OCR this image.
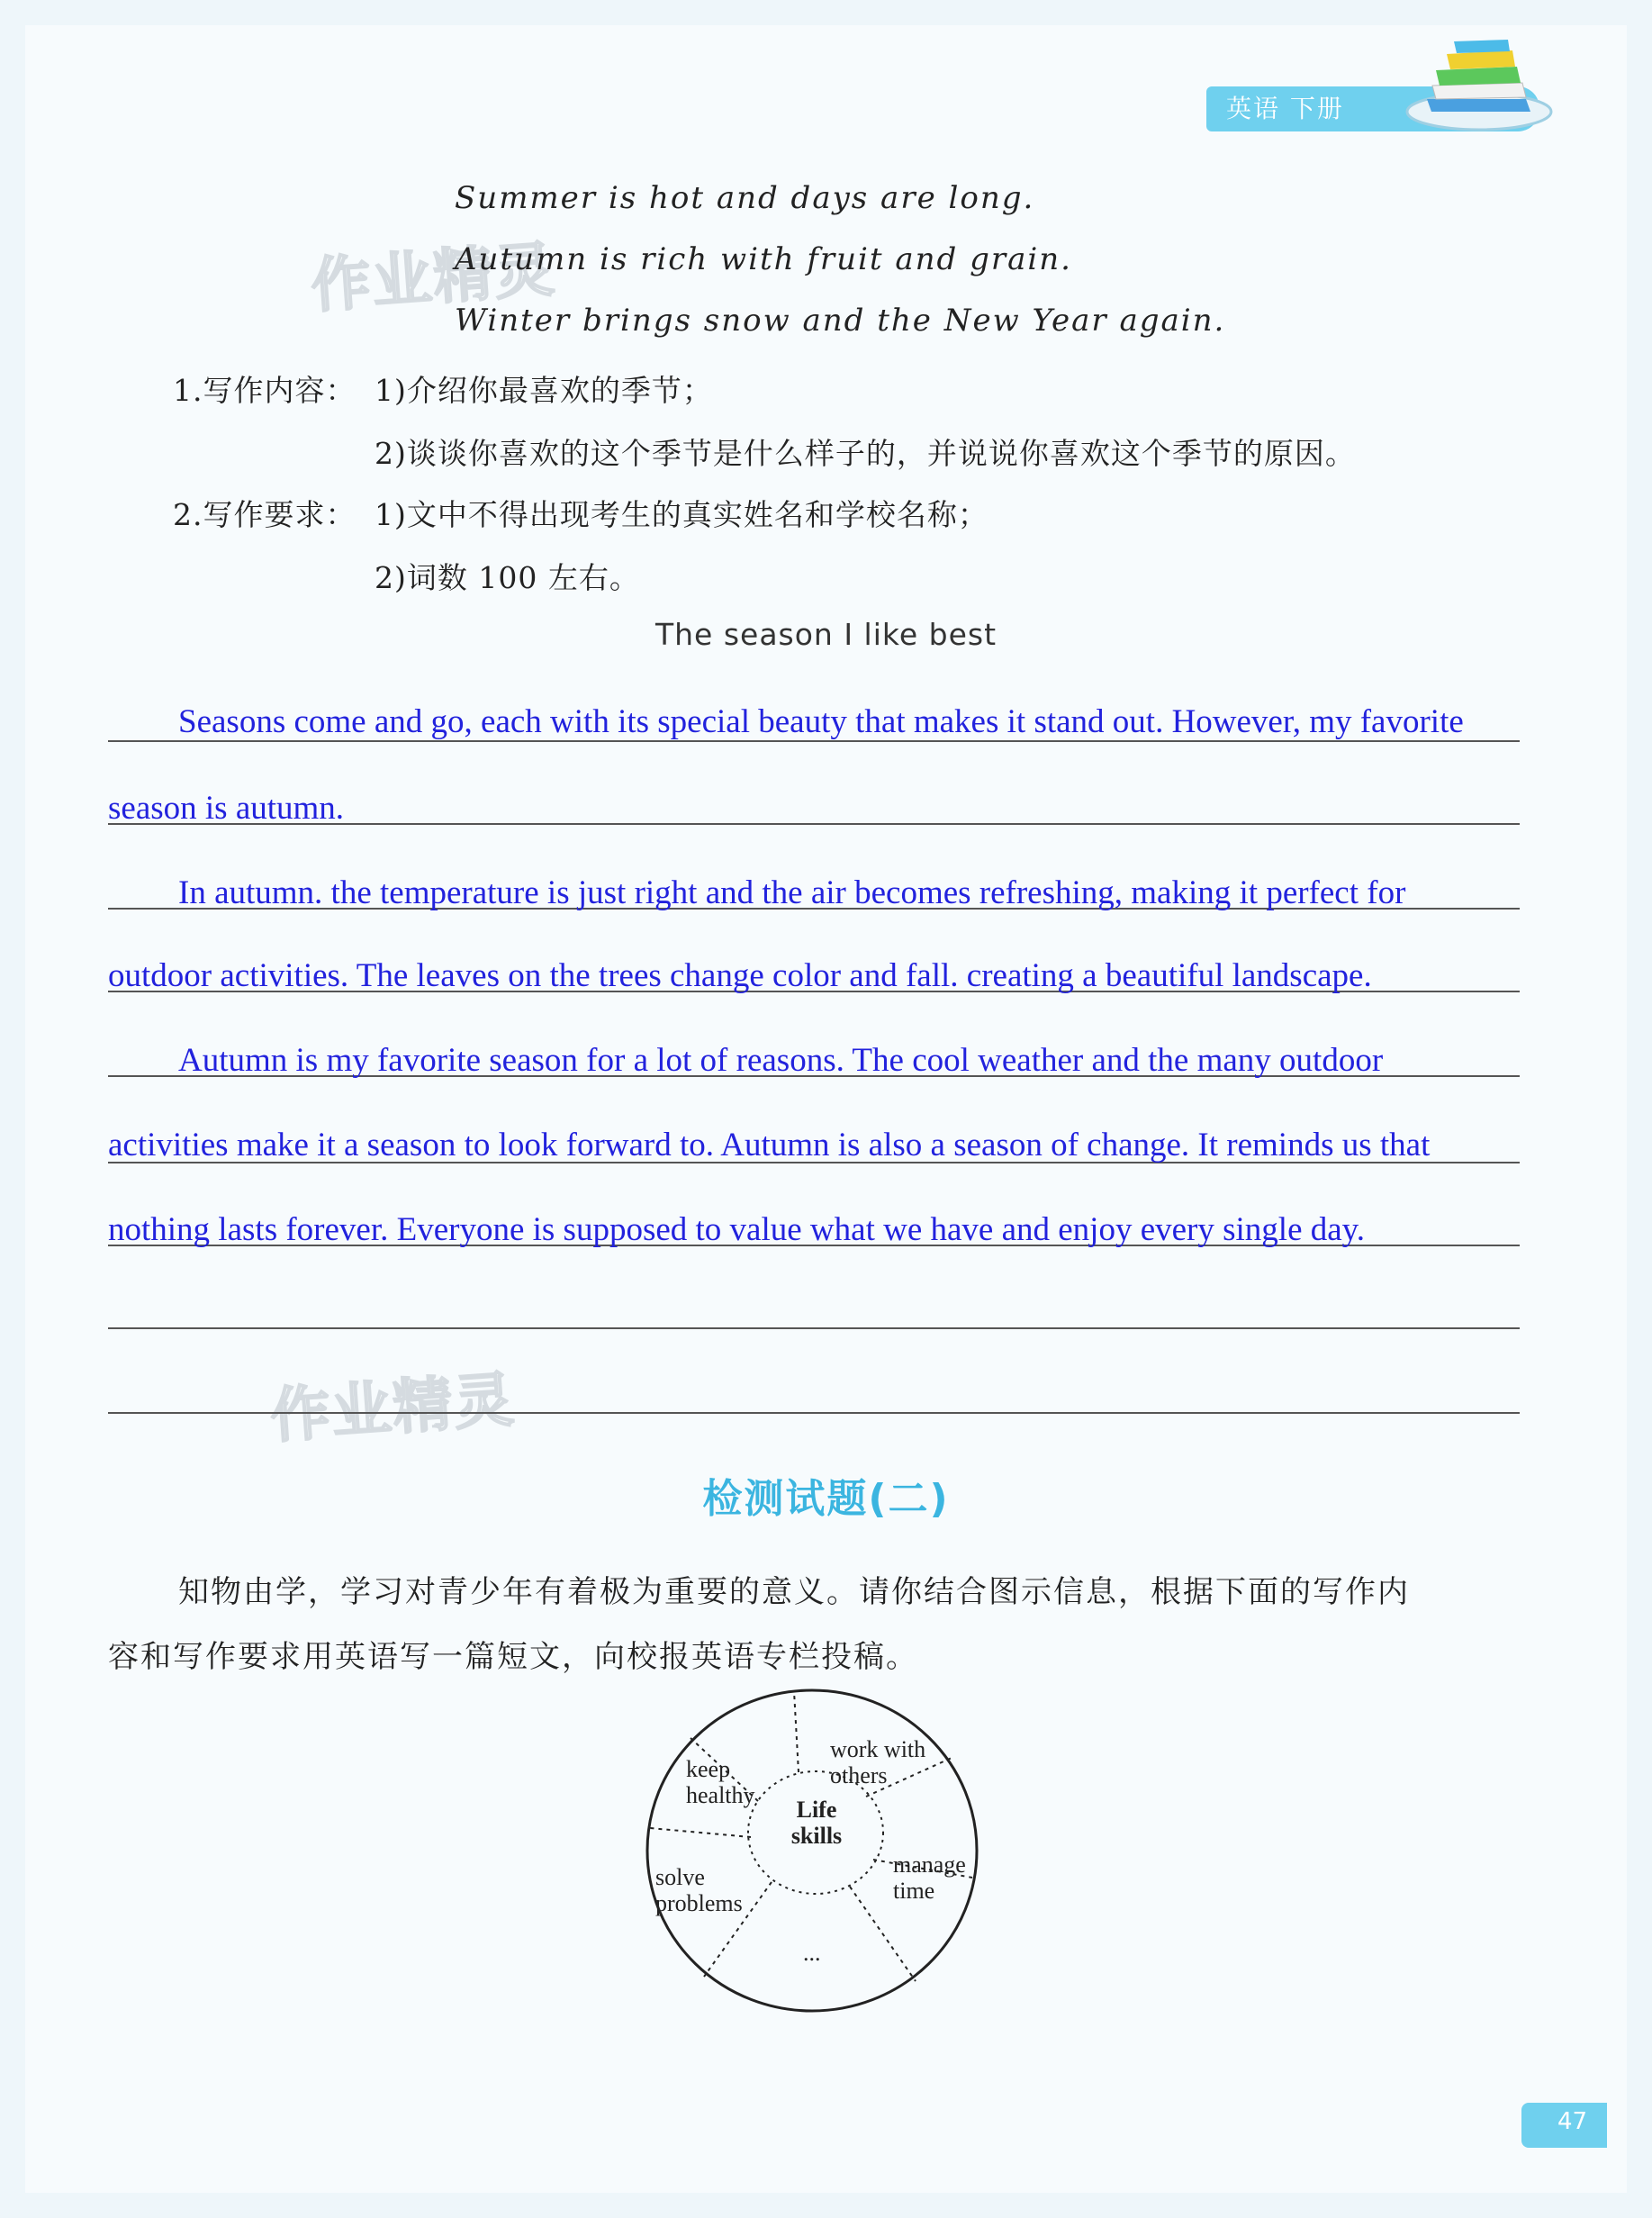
英语 下册
作业精灵
作业精灵
Summer is hot and days are long.
Autumn is rich with fruit and grain.
Winter brings snow and the New Year again.
1.写作内容： 1)介绍你最喜欢的季节；
2)谈谈你喜欢的这个季节是什么样子的，并说说你喜欢这个季节的原因。
2.写作要求： 1)文中不得出现考生的真实姓名和学校名称；
2)词数 100 左右。
The season I like best
Seasons come and go, each with its special beauty that makes it stand out. However, my favorite
season is autumn.
In autumn. the temperature is just right and the air becomes refreshing, making it perfect for
outdoor activities. The leaves on the trees change color and fall. creating a beautiful landscape.
Autumn is my favorite season for a lot of reasons. The cool weather and the many outdoor
activities make it a season to look forward to. Autumn is also a season of change. It reminds us that
nothing lasts forever. Everyone is supposed to value what we have and enjoy every single day.
检测试题(二)
知物由学，学习对青少年有着极为重要的意义。请你结合图示信息，根据下面的写作内
容和写作要求用英语写一篇短文，向校报英语专栏投稿。
Life
skills
keep
healthy
work with
others
manage
time
solve
problems
...
47
